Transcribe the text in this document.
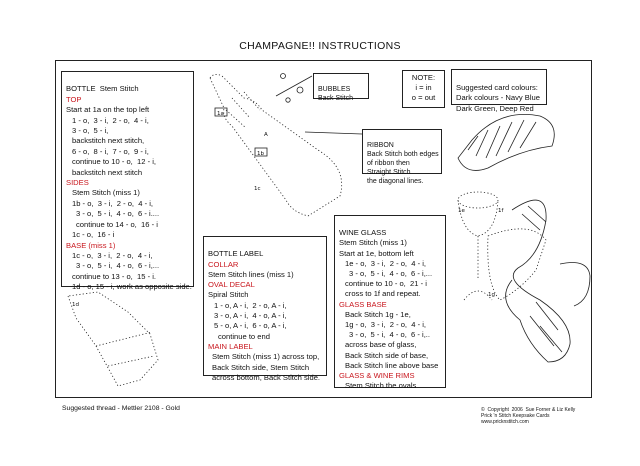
CHAMPAGNE!! INSTRUCTIONS
1a
1b
1c
1d
1e	1f
1g
A

BOTTLE  Stem Stitch
TOP
Start at 1a on the top left
1 - o,  3 - i,  2 - o,  4 - i,
3 - o,  5 - i,
backstitch next stitch,
6 - o,  8 - i,  7 - o,  9 - i,
continue to 10 - o,  12 - i,
backstitch next stitch
SIDES
Stem Stitch (miss 1)
1b - o,  3 - i,  2 - o,  4 - i,
3 - o,  5 - i,  4 - o,  6 - i....
continue to 14 - o,  16 - i
1c - o,  16 - i
BASE (miss 1)
1c - o,  3 - i,  2 - o,  4 - i,
3 - o,  5 - i,  4 - o,  6 - i,...
continue to 13 - o,  15 - i.
1d - o, 15 - i, work as opposite side.

BUBBLES
Back Stitch

NOTE:
i = in
o = out

Suggested card colours:
Dark colours - Navy Blue
Dark Green, Deep Red

RIBBON
Back Stitch both edges
of ribbon then
Straight Stitch
the diagonal lines.

BOTTLE LABEL
COLLAR
Stem Stitch lines (miss 1)
OVAL DECAL
Spiral Stitch
1 - o, A - i,  2 - o, A - i,
3 - o, A - i,  4 - o, A - i,
5 - o, A - i,  6 - o, A - i,
continue to end
MAIN LABEL
Stem Stitch (miss 1) across top,
Back Stitch side, Stem Stitch
across bottom, Back Stitch side.

WINE GLASS
Stem Stitch (miss 1)
Start at 1e, bottom left
1e - o,  3 - i,  2 - o,  4 - i,
3 - o,  5 - i,  4 - o,  6 - i,...
continue to 10 - o,  21 - i
cross to 1f and repeat.
GLASS BASE
Back Stitch 1g - 1e,
1g - o,  3 - i,  2 - o,  4 - i,
3 - o,  5 - i,  4 - o,  6 - i,..
across base of glass,
Back Stitch side of base,
Back Stitch line above base
GLASS & WINE RIMS
Stem Stitch the ovals

Suggested thread - Mettler 2108 - Gold	©  Copyright  2006  Sue Forner & Liz Kelly
Prick 'n Stitch Keepsake Cards
www.pricknstitch.com
